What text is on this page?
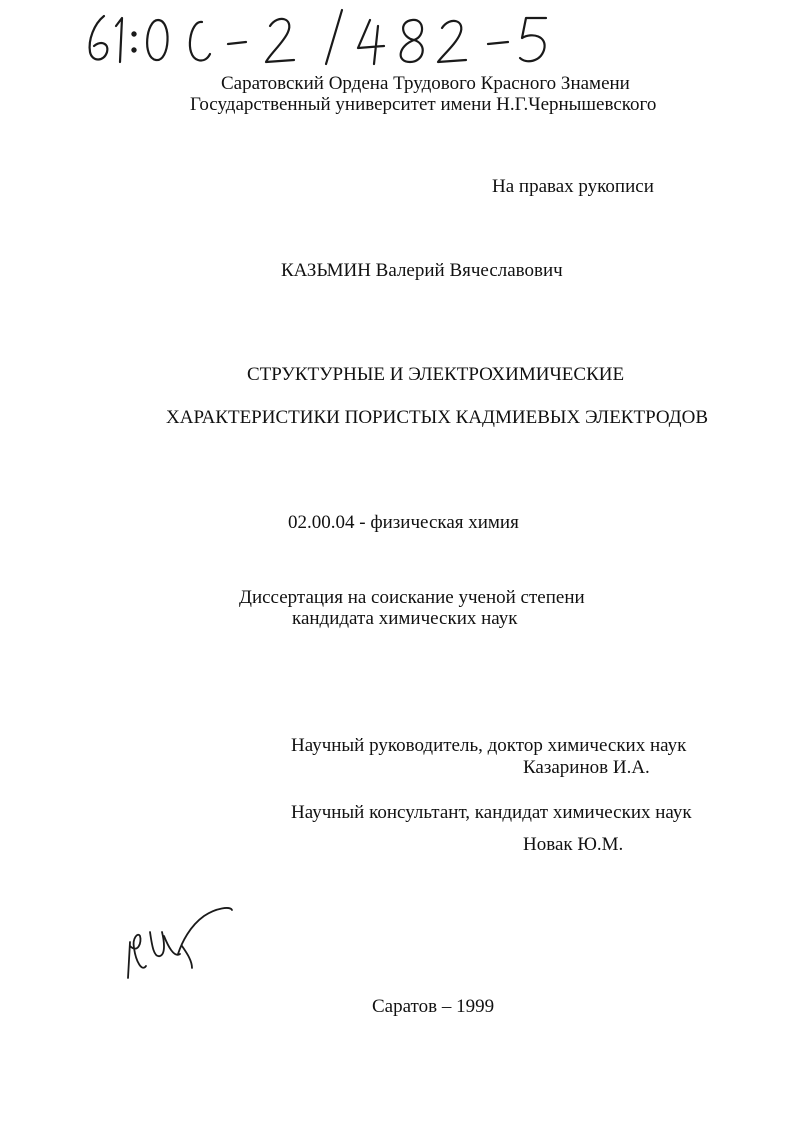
Саратовский Ордена Трудового Красного Знамени
Государственный университет имени Н.Г.Чернышевского
На правах рукописи
КАЗЬМИН Валерий Вячеславович
СТРУКТУРНЫЕ И ЭЛЕКТРОХИМИЧЕСКИЕ
ХАРАКТЕРИСТИКИ ПОРИСТЫХ КАДМИЕВЫХ ЭЛЕКТРОДОВ
02.00.04 - физическая химия
Диссертация на соискание ученой степени
кандидата химических наук
Научный руководитель, доктор химических наук
Казаринов И.А.
Научный консультант, кандидат химических наук
Новак Ю.М.
Саратов – 1999
